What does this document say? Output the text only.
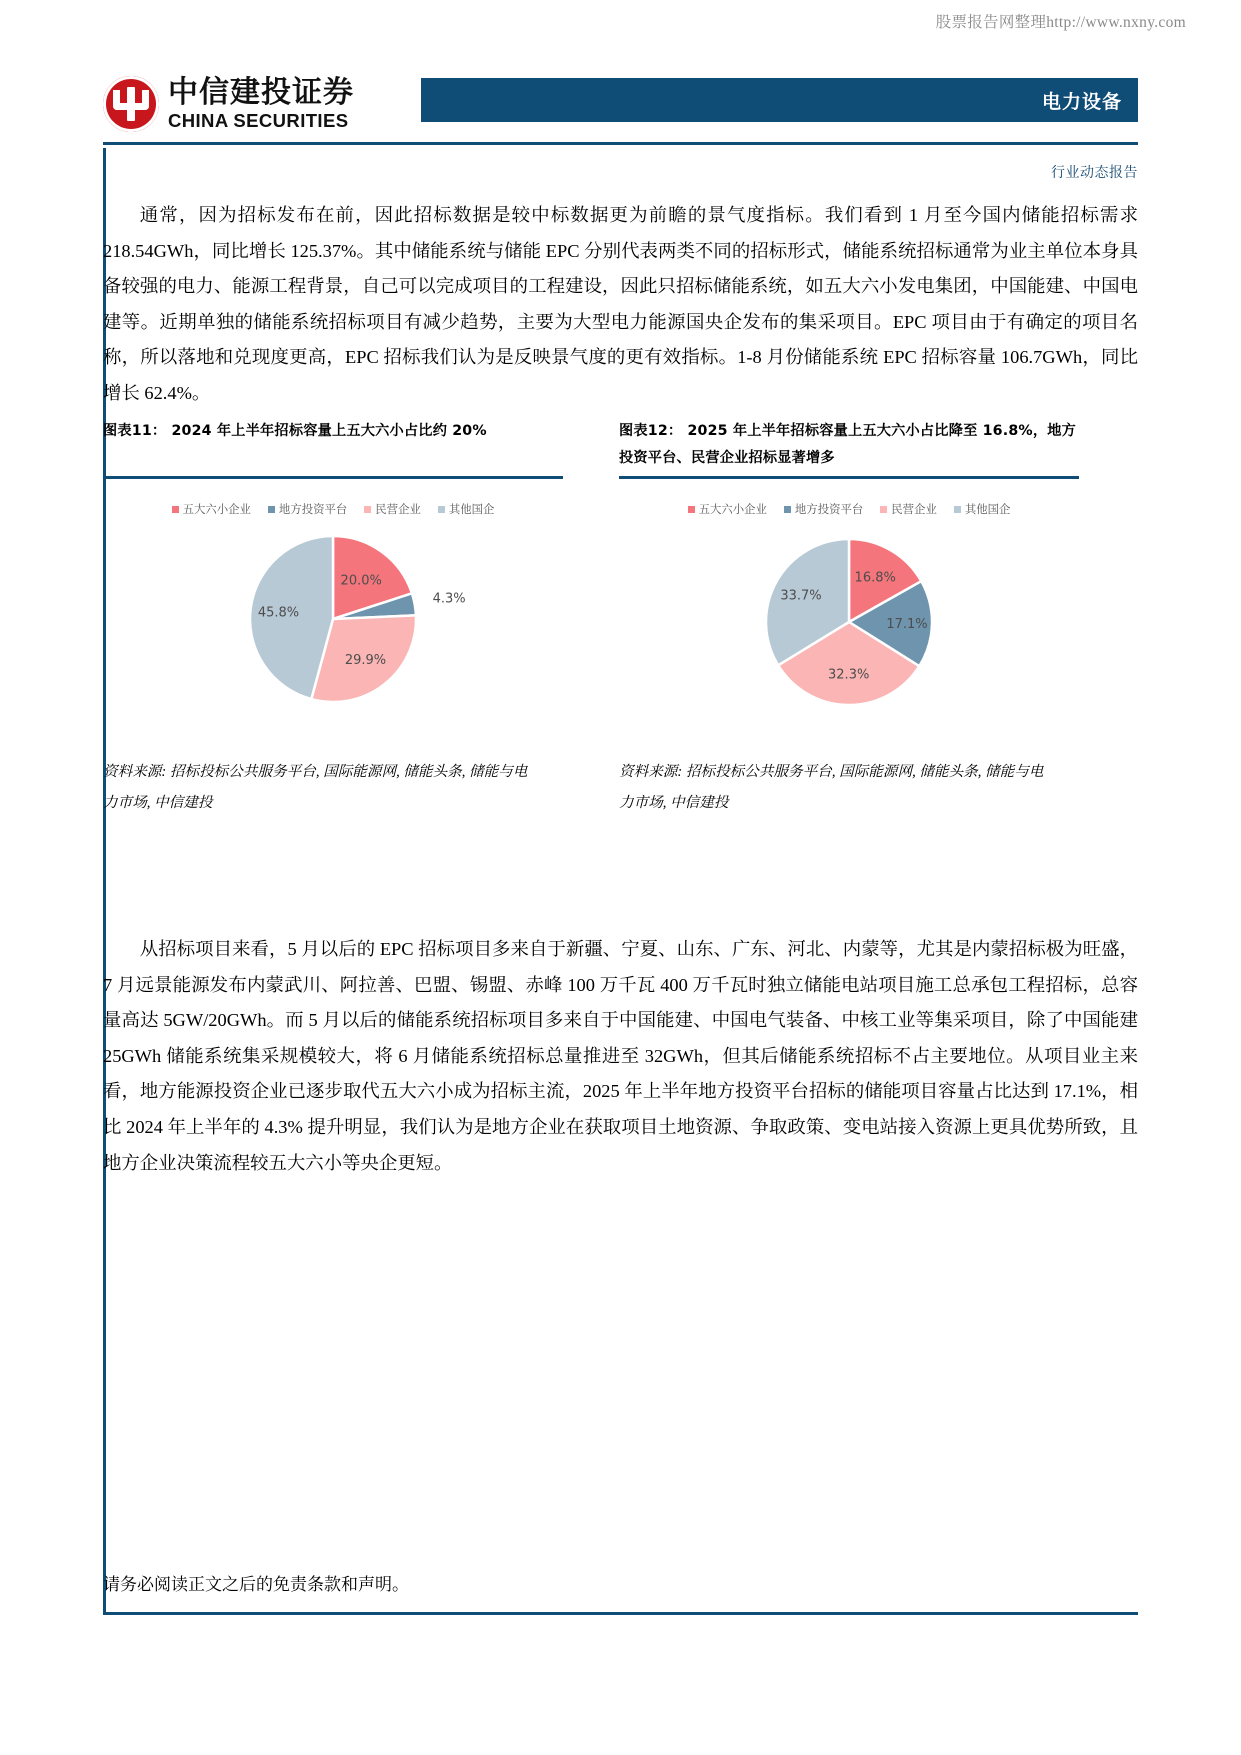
股票报告网整理http://www.nxny.com
中信建投证券
CHINA SECURITIES
电力设备
行业动态报告
通常，因为招标发布在前，因此招标数据是较中标数据更为前瞻的景气度指标。我们看到 1 月至今国内储能招标需求 218.54GWh，同比增长 125.37%。其中储能系统与储能 EPC 分别代表两类不同的招标形式，储能系统招标通常为业主单位本身具备较强的电力、能源工程背景，自己可以完成项目的工程建设，因此只招标储能系统，如五大六小发电集团，中国能建、中国电建等。近期单独的储能系统招标项目有减少趋势，主要为大型电力能源国央企发布的集采项目。EPC 项目由于有确定的项目名称，所以落地和兑现度更高，EPC 招标我们认为是反映景气度的更有效指标。1-8 月份储能系统 EPC 招标容量 106.7GWh，同比增长 62.4%。
图表11： 2024 年上半年招标容量上五大六小占比约 20%
五大六小企业 地方投资平台 民营企业 其他国企
20.0%
4.3%
29.9%
45.8%
资料来源: 招标投标公共服务平台, 国际能源网, 储能头条, 储能与电力市场, 中信建投
图表12： 2025 年上半年招标容量上五大六小占比降至 16.8%，地方投资平台、民营企业招标显著增多
五大六小企业 地方投资平台 民营企业 其他国企
16.8%
17.1%
32.3%
33.7%
资料来源: 招标投标公共服务平台, 国际能源网, 储能头条, 储能与电力市场, 中信建投
从招标项目来看，5 月以后的 EPC 招标项目多来自于新疆、宁夏、山东、广东、河北、内蒙等，尤其是内蒙招标极为旺盛，7 月远景能源发布内蒙武川、阿拉善、巴盟、锡盟、赤峰 100 万千瓦 400 万千瓦时独立储能电站项目施工总承包工程招标，总容量高达 5GW/20GWh。而 5 月以后的储能系统招标项目多来自于中国能建、中国电气装备、中核工业等集采项目，除了中国能建 25GWh 储能系统集采规模较大，将 6 月储能系统招标总量推进至 32GWh，但其后储能系统招标不占主要地位。从项目业主来看，地方能源投资企业已逐步取代五大六小成为招标主流，2025 年上半年地方投资平台招标的储能项目容量占比达到 17.1%，相比 2024 年上半年的 4.3% 提升明显，我们认为是地方企业在获取项目土地资源、争取政策、变电站接入资源上更具优势所致，且地方企业决策流程较五大六小等央企更短。
请务必阅读正文之后的免责条款和声明。
